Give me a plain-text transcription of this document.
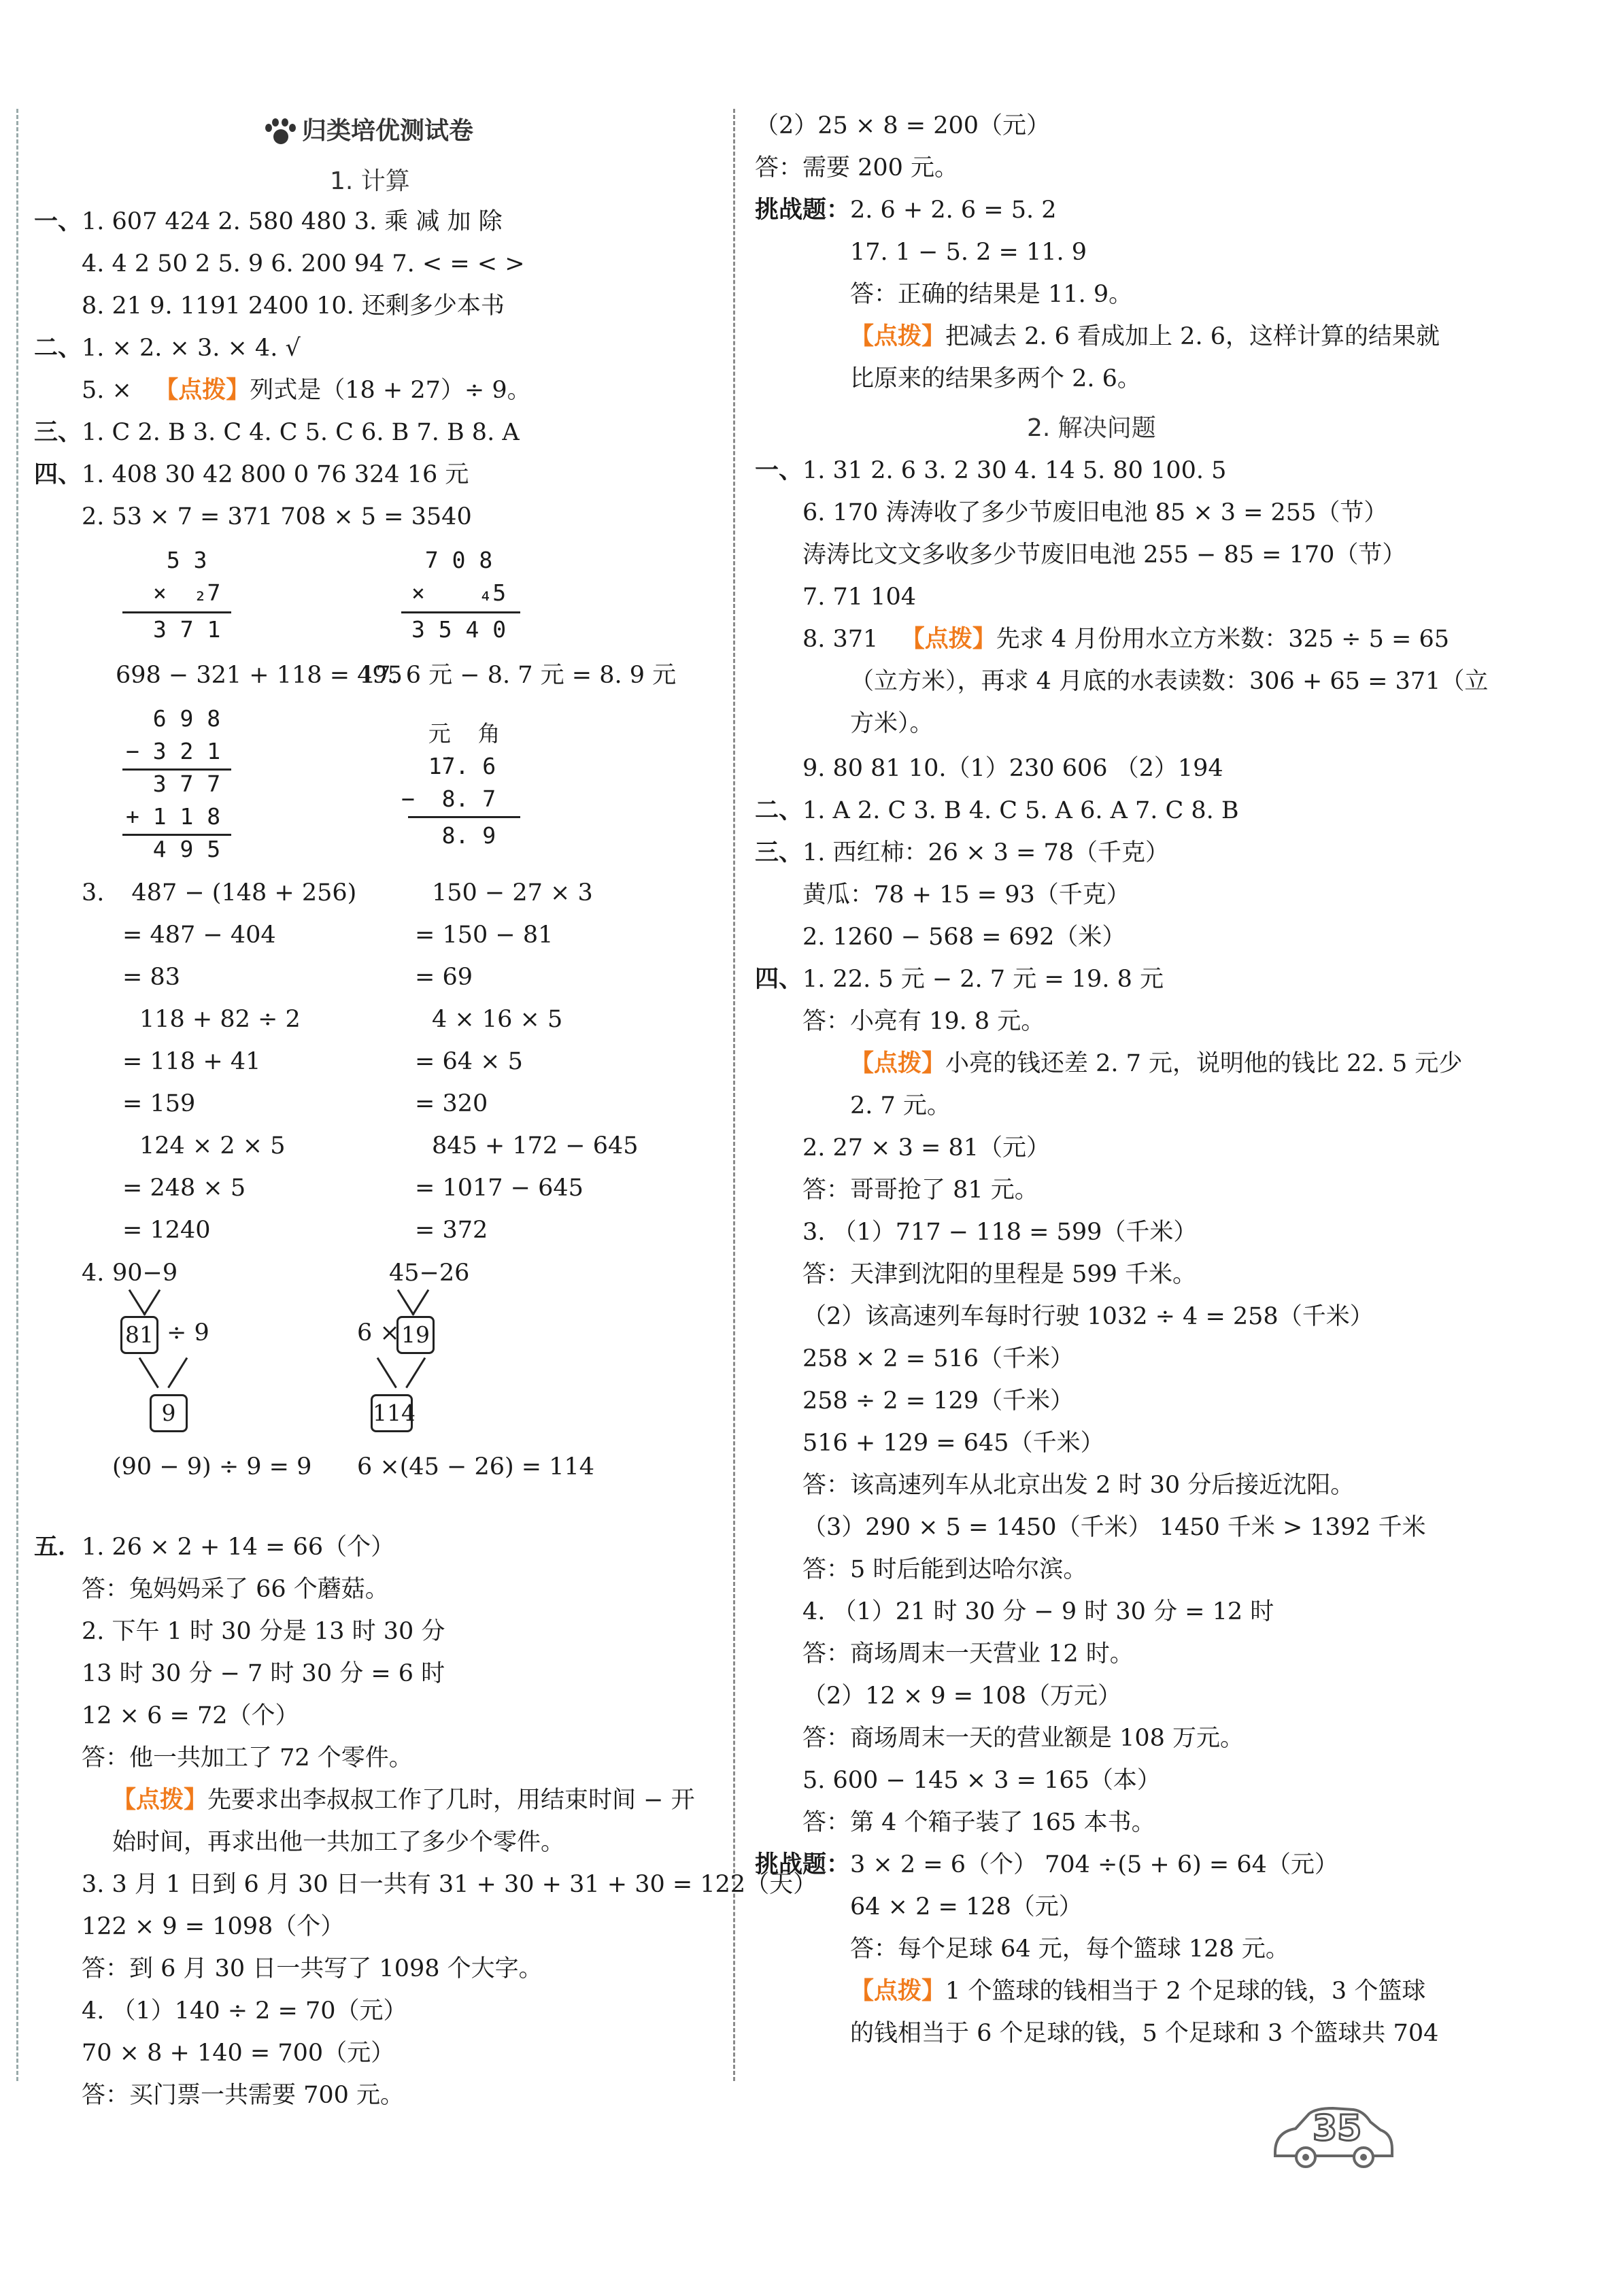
归类培优测试卷
1. 计算
2. 解决问题
一、1. 607 424 2. 580 480 3. 乘 减 加 除
4. 4 2 50 2 5. 9 6. 200 94 7. < = < >
8. 21 9. 1191 2400 10. 还剩多少本书
二、1. × 2. × 3. × 4. √
5. × 【点拨】列式是（18 + 27）÷ 9。
三、1. C 2. B 3. C 4. C 5. C 6. B 7. B 8. A
四、1. 408 30 42 800 0 76 324 16 元
2. 53 × 7 = 371 708 × 5 = 3540
5 3
×  ₂7
3 7 1
7 0 8
×    ₄5
3 5 4 0
698 − 321 + 118 = 495
17. 6 元 − 8. 7 元 = 8. 9 元
6 9 8
− 3 2 1
3 7 7
+ 1 1 8
4 9 5
元  角
1̇7. 6
−  8. 7
8. 9
3. 487 − (148 + 256)	150 − 27 × 3
= 487 − 404	= 150 − 81
= 83	= 69
118 + 82 ÷ 2	4 × 16 × 5
= 118 + 41	= 64 × 5
= 159	= 320
124 × 2 × 5	845 + 172 − 645
= 248 × 5	= 1017 − 645
= 1240	= 372
4. 90−9
81 ÷ 9
9
45−26
6 × 19
114
(90 − 9) ÷ 9 = 9 6 ×(45 − 26) = 114
五．1. 26 × 2 + 14 = 66（个）
答：兔妈妈采了 66 个蘑菇。
2. 下午 1 时 30 分是 13 时 30 分
13 时 30 分 − 7 时 30 分 = 6 时
12 × 6 = 72（个）
答：他一共加工了 72 个零件。
【点拨】先要求出李叔叔工作了几时，用结束时间 − 开
始时间，再求出他一共加工了多少个零件。
3. 3 月 1 日到 6 月 30 日一共有 31 + 30 + 31 + 30 = 122（天）
122 × 9 = 1098（个）
答：到 6 月 30 日一共写了 1098 个大字。
4. （1）140 ÷ 2 = 70（元）
70 × 8 + 140 = 700（元）
答：买门票一共需要 700 元。
（2）25 × 8 = 200（元）
答：需要 200 元。
挑战题：2. 6 + 2. 6 = 5. 2
17. 1 − 5. 2 = 11. 9
答：正确的结果是 11. 9。
【点拨】把减去 2. 6 看成加上 2. 6，这样计算的结果就
比原来的结果多两个 2. 6。
一、1. 31 2. 6 3. 2 30 4. 14 5. 80 100. 5
6. 170 涛涛收了多少节废旧电池 85 × 3 = 255（节）
涛涛比文文多收多少节废旧电池 255 − 85 = 170（节）
7. 71 104
8. 371 【点拨】先求 4 月份用水立方米数：325 ÷ 5 = 65
（立方米），再求 4 月底的水表读数：306 + 65 = 371（立
方米）。
9. 80 81 10.（1）230 606 （2）194
二、1. A 2. C 3. B 4. C 5. A 6. A 7. C 8. B
三、1. 西红柿：26 × 3 = 78（千克）
黄瓜：78 + 15 = 93（千克）
2. 1260 − 568 = 692（米）
四、1. 22. 5 元 − 2. 7 元 = 19. 8 元
答：小亮有 19. 8 元。
【点拨】小亮的钱还差 2. 7 元，说明他的钱比 22. 5 元少
2. 7 元。
2. 27 × 3 = 81（元）
答：哥哥抢了 81 元。
3. （1）717 − 118 = 599（千米）
答：天津到沈阳的里程是 599 千米。
（2）该高速列车每时行驶 1032 ÷ 4 = 258（千米）
258 × 2 = 516（千米）
258 ÷ 2 = 129（千米）
516 + 129 = 645（千米）
答：该高速列车从北京出发 2 时 30 分后接近沈阳。
（3）290 × 5 = 1450（千米） 1450 千米 > 1392 千米
答：5 时后能到达哈尔滨。
4. （1）21 时 30 分 − 9 时 30 分 = 12 时
答：商场周末一天营业 12 时。
（2）12 × 9 = 108（万元）
答：商场周末一天的营业额是 108 万元。
5. 600 − 145 × 3 = 165（本）
答：第 4 个箱子装了 165 本书。
挑战题：3 × 2 = 6（个） 704 ÷(5 + 6) = 64（元）
64 × 2 = 128（元）
答：每个足球 64 元，每个篮球 128 元。
【点拨】1 个篮球的钱相当于 2 个足球的钱，3 个篮球
的钱相当于 6 个足球的钱，5 个足球和 3 个篮球共 704
35
